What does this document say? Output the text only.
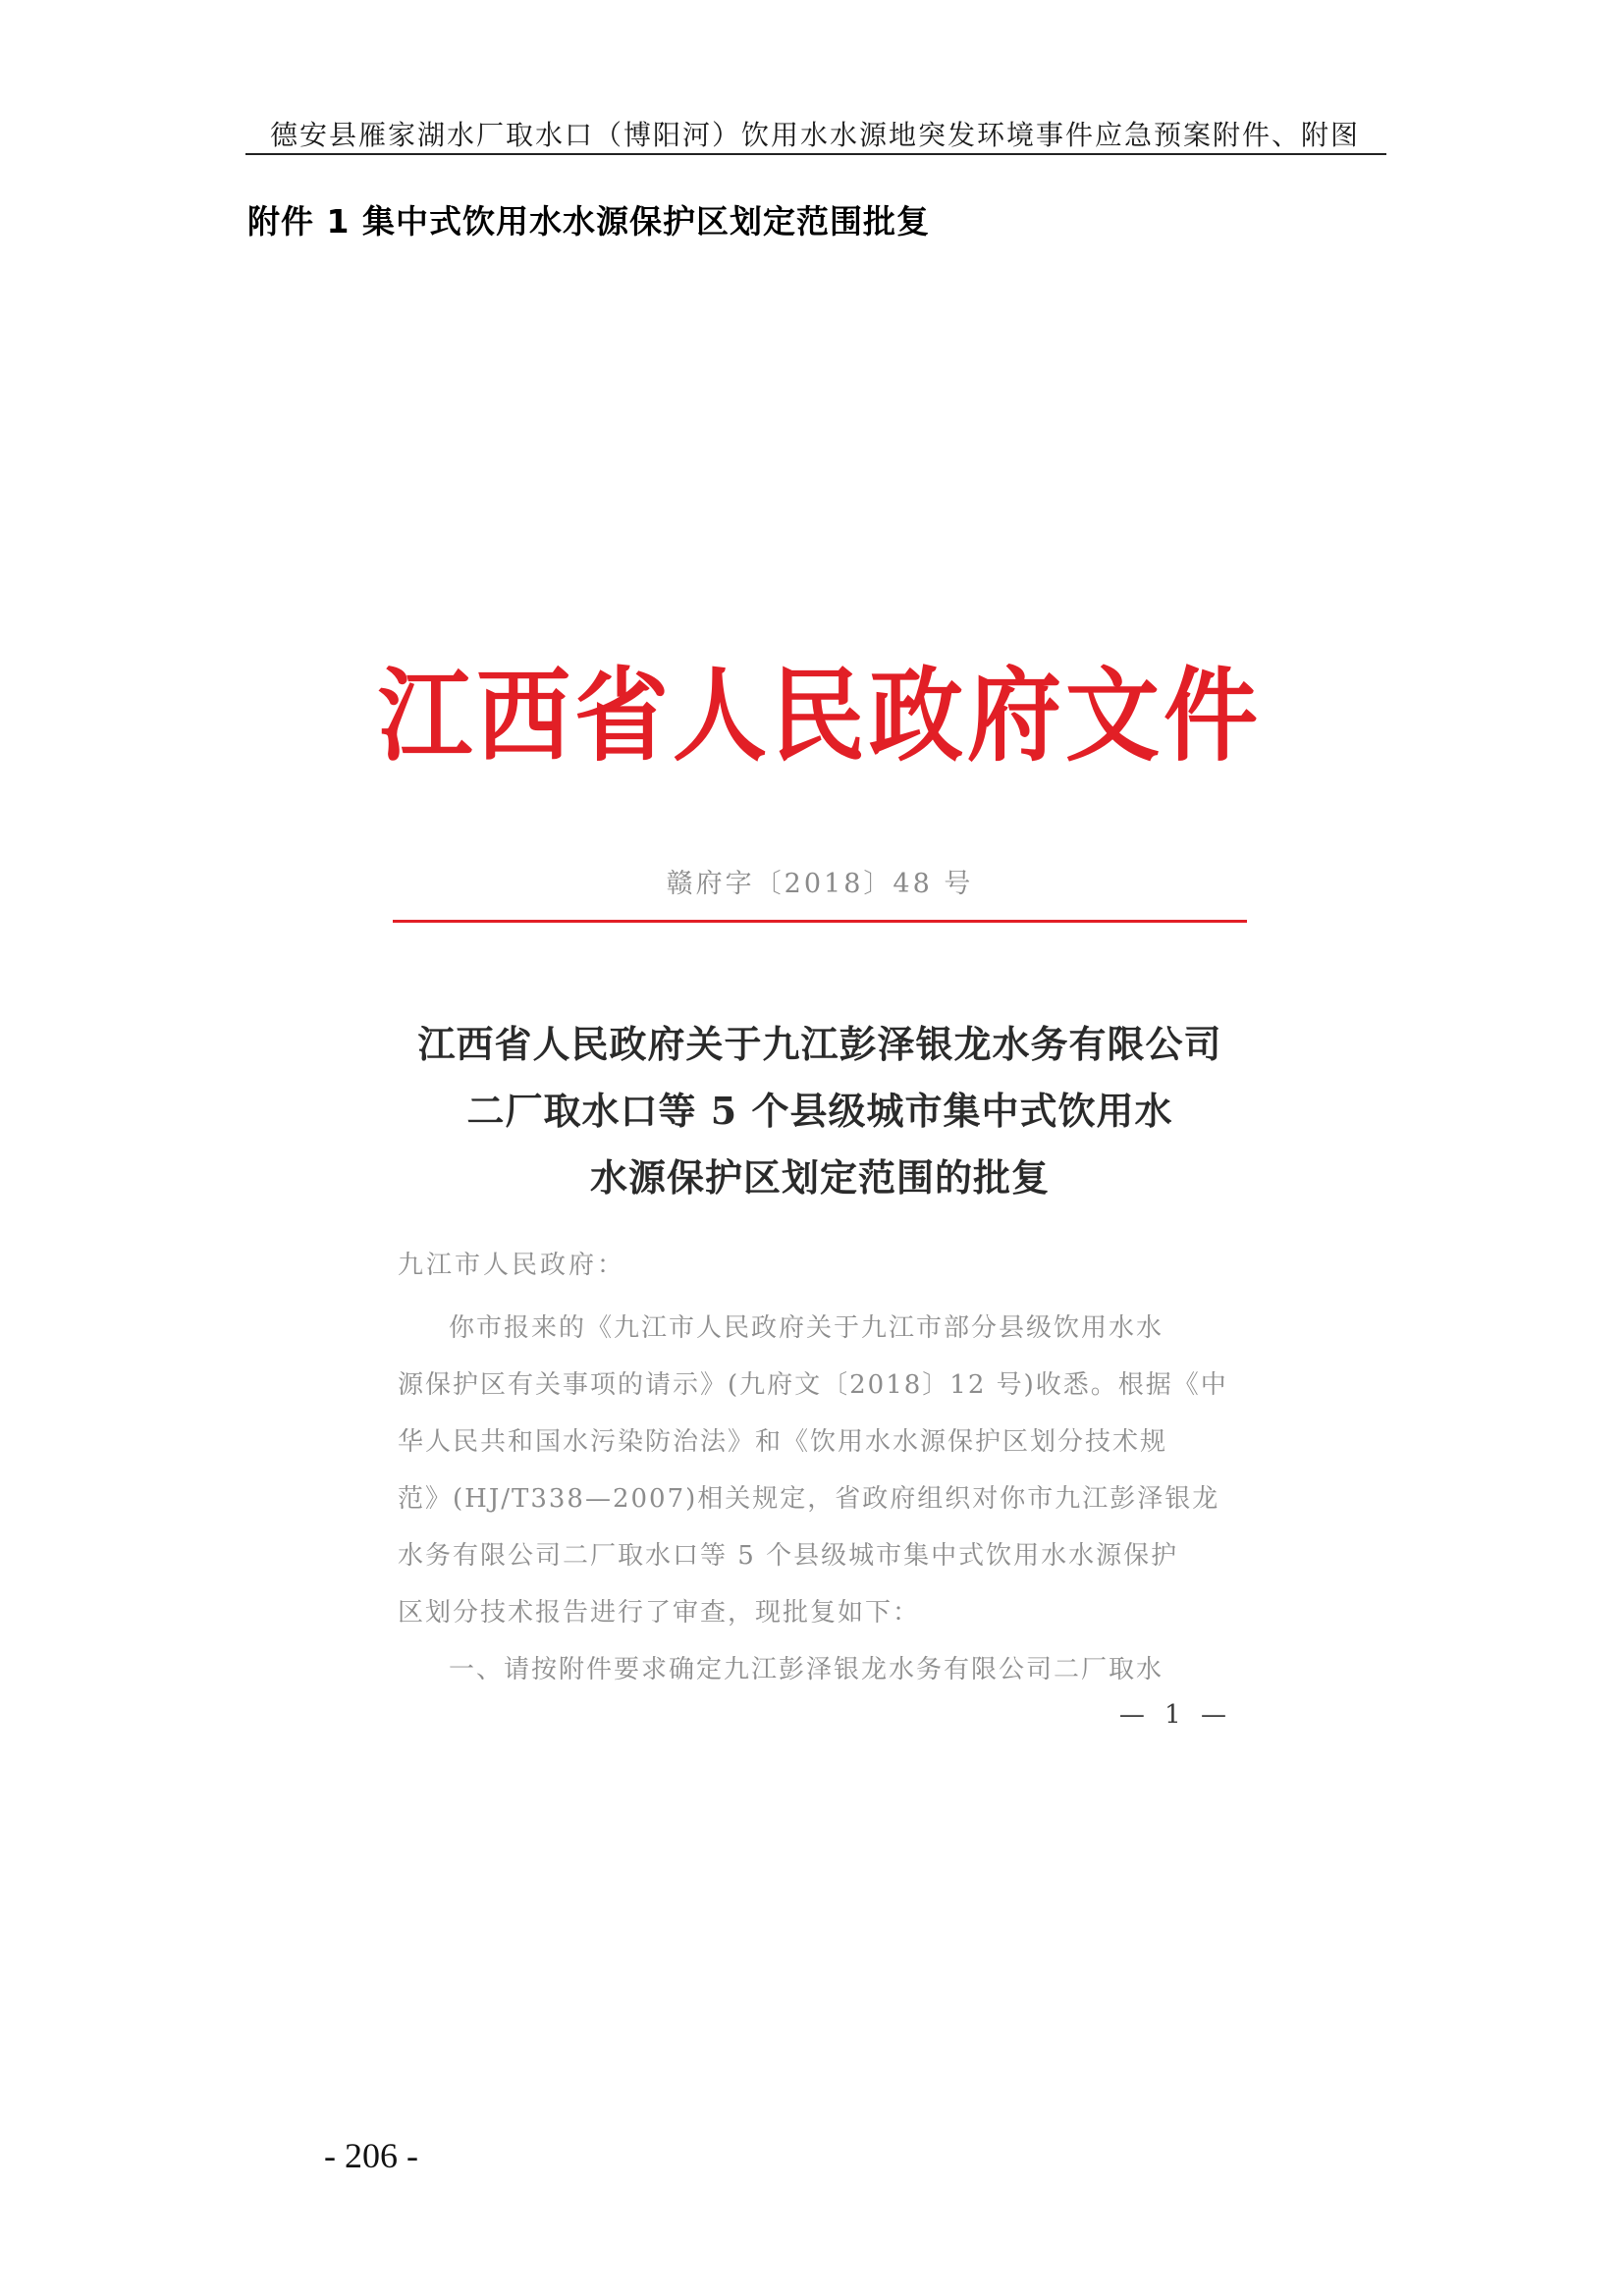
德安县雁家湖水厂取水口（博阳河）饮用水水源地突发环境事件应急预案附件、附图
附件 1 集中式饮用水水源保护区划定范围批复
江西省人民政府文件
赣府字〔2018〕48 号
江西省人民政府关于九江彭泽银龙水务有限公司
二厂取水口等 5 个县级城市集中式饮用水
水源保护区划定范围的批复
九江市人民政府：
你市报来的《九江市人民政府关于九江市部分县级饮用水水
源保护区有关事项的请示》(九府文〔2018〕12 号)收悉。根据《中
华人民共和国水污染防治法》和《饮用水水源保护区划分技术规
范》(HJ/T338—2007)相关规定，省政府组织对你市九江彭泽银龙
水务有限公司二厂取水口等 5 个县级城市集中式饮用水水源保护
区划分技术报告进行了审查，现批复如下：
一、请按附件要求确定九江彭泽银龙水务有限公司二厂取水
— 1 —
- 206 -
